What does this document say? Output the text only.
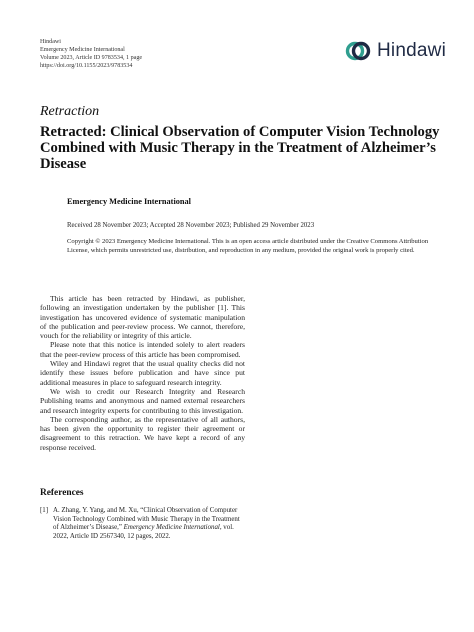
Hindawi
Emergency Medicine International
Volume 2023, Article ID 9783534, 1 page
https://doi.org/10.1155/2023/9783534
Hindawi
Retraction
Retracted: Clinical Observation of Computer Vision Technology Combined with Music Therapy in the Treatment of Alzheimer’s Disease
Emergency Medicine International
Received 28 November 2023; Accepted 28 November 2023; Published 29 November 2023

Copyright © 2023 Emergency Medicine International. This is an open access article distributed under the Creative Commons Attribution License, which permits unrestricted use, distribution, and reproduction in any medium, provided the original work is properly cited.

This article has been retracted by Hindawi, as publisher, following an investigation undertaken by the publisher [1]. This investigation has uncovered evidence of systematic manipulation of the publication and peer-review process. We cannot, therefore, vouch for the reliability or integrity of this article.

Please note that this notice is intended solely to alert readers that the peer-review process of this article has been compromised.

Wiley and Hindawi regret that the usual quality checks did not identify these issues before publication and have since put additional measures in place to safeguard research integrity.

We wish to credit our Research Integrity and Research Publishing teams and anonymous and named external researchers and research integrity experts for contributing to this investigation.

The corresponding author, as the representative of all authors, has been given the opportunity to register their agreement or disagreement to this retraction. We have kept a record of any response received.

References
[1] A. Zhang, Y. Yang, and M. Xu, “Clinical Observation of Computer Vision Technology Combined with Music Therapy in the Treatment of Alzheimer’s Disease,” Emergency Medicine International, vol. 2022, Article ID 2567340, 12 pages, 2022.
